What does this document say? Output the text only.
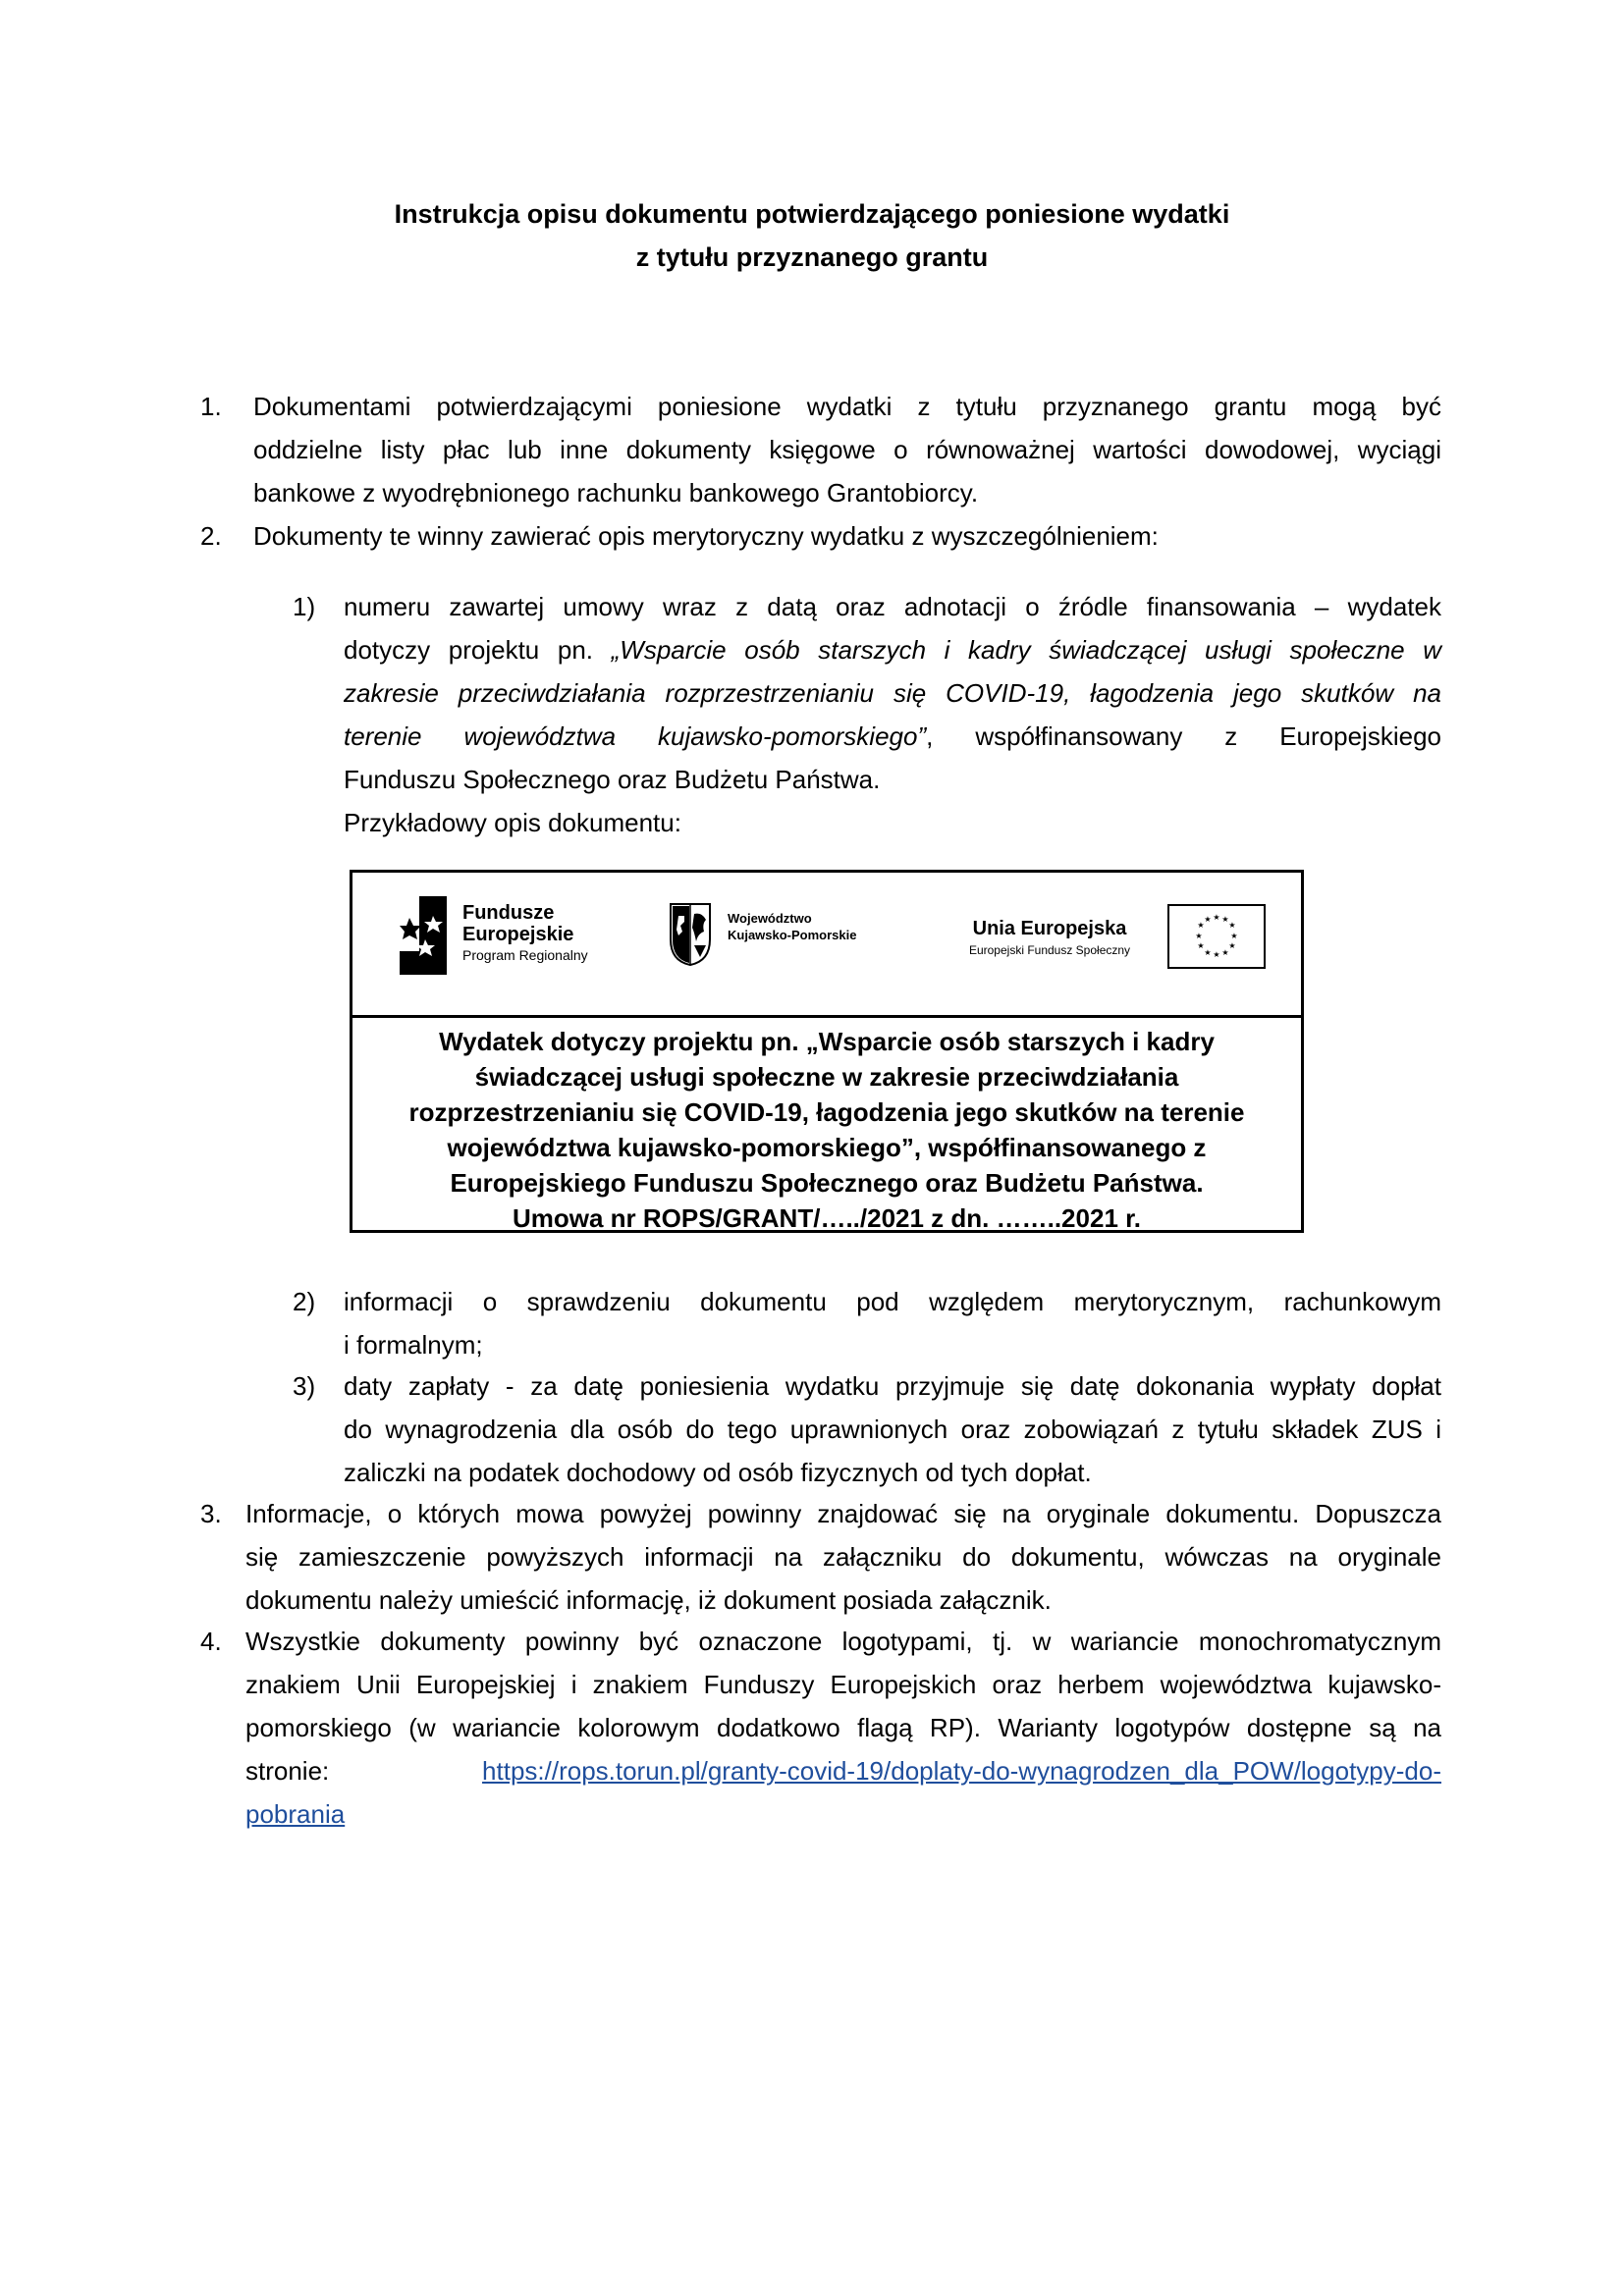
Instrukcja opisu dokumentu potwierdzającego poniesione wydatki
z tytułu przyznanego grantu
1. Dokumentami potwierdzającymi poniesione wydatki z tytułu przyznanego grantu mogą być
oddzielne listy płac lub inne dokumenty księgowe o równoważnej wartości dowodowej, wyciągi
bankowe z wyodrębnionego rachunku bankowego Grantobiorcy.
2. Dokumenty te winny zawierać opis merytoryczny wydatku z wyszczególnieniem:
1) numeru zawartej umowy wraz z datą oraz adnotacji o źródle finansowania – wydatek
dotyczy projektu pn. „Wsparcie osób starszych i kadry świadczącej usługi społeczne w
zakresie przeciwdziałania rozprzestrzenianiu się COVID-19, łagodzenia jego skutków na
terenie województwa kujawsko-pomorskiego”, współfinansowany z Europejskiego
Funduszu Społecznego oraz Budżetu Państwa.
Przykładowy opis dokumentu:
Fundusze
Europejskie
Program Regionalny
Województwo
Kujawsko-Pomorskie	Unia Europejska
Europejski Fundusz Społeczny
★ ★
★
★
★
★
★
★
★
★
★
★
Wydatek dotyczy projektu pn. „Wsparcie osób starszych i kadry
świadczącej usługi społeczne w zakresie przeciwdziałania
rozprzestrzenianiu się COVID-19, łagodzenia jego skutków na terenie
województwa kujawsko-pomorskiego”, współfinansowanego z
Europejskiego Funduszu Społecznego oraz Budżetu Państwa.
Umowa nr ROPS/GRANT/…../2021 z dn. ……..2021 r.
2) informacji o sprawdzeniu dokumentu pod względem merytorycznym, rachunkowym
i formalnym;
3) daty zapłaty - za datę poniesienia wydatku przyjmuje się datę dokonania wypłaty dopłat
do wynagrodzenia dla osób do tego uprawnionych oraz zobowiązań z tytułu składek ZUS i
zaliczki na podatek dochodowy od osób fizycznych od tych dopłat.
3. Informacje, o których mowa powyżej powinny znajdować się na oryginale dokumentu. Dopuszcza
się zamieszczenie powyższych informacji na załączniku do dokumentu, wówczas na oryginale
dokumentu należy umieścić informację, iż dokument posiada załącznik.
4. Wszystkie dokumenty powinny być oznaczone logotypami, tj. w wariancie monochromatycznym
znakiem Unii Europejskiej i znakiem Funduszy Europejskich oraz herbem województwa kujawsko-
pomorskiego (w wariancie kolorowym dodatkowo flagą RP). Warianty logotypów dostępne są na
stronie:	https://rops.torun.pl/granty-covid-19/doplaty-do-wynagrodzen_dla_POW/logotypy-do-
pobrania
